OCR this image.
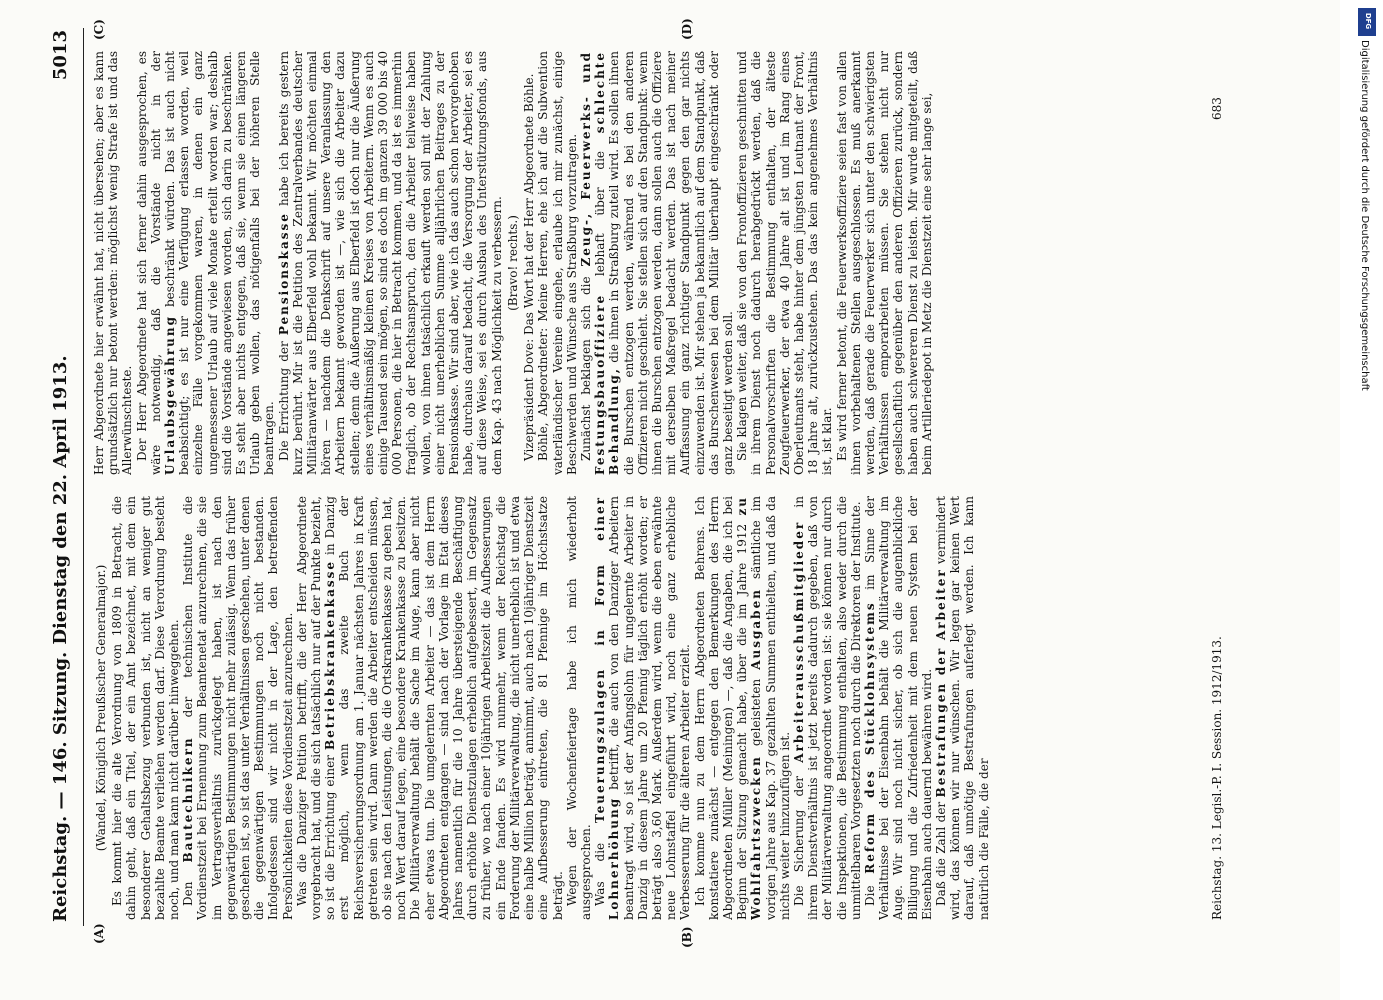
Reichstag. — 146. Sitzung.
Dienstag den 22. April 1913.
5013
(A)	(B)
(C)	(D)

(Wandel, Königlich Preußischer Generalmajor.) Es kommt hier die alte Verordnung von 1809 in Betracht, die dahin geht, daß ein Titel, der ein Amt bezeichnet, mit dem ein besonderer Gehaltsbezug verbunden ist, nicht an weniger gut bezahlte Beamte verliehen werden darf. Diese Verordnung besteht noch, und man kann nicht darüber hinweggehen. Den Bautechnikern der technischen Institute die Vordienstzeit bei Ernennung zum Beamtenetat anzurechnen, die sie im Vertragsverhältnis zurückgelegt haben, ist nach den gegenwärtigen Bestimmungen nicht mehr zulässig. Wenn das früher geschehen ist, so ist das unter Verhältnissen geschehen, unter denen die gegenwärtigen Bestimmungen noch nicht bestanden. Infolgedessen sind wir nicht in der Lage, den betreffenden Persönlichkeiten diese Vordienstzeit anzurechnen. Was die Danziger Petition betrifft, die der Herr Abgeordnete vorgebracht hat, und die sich tatsächlich nur auf der Punkte bezieht, so ist die Errichtung einer Betriebskrankenkasse in Danzig erst möglich, wenn das zweite Buch der Reichsversicherungsordnung am 1. Januar nächsten Jahres in Kraft getreten sein wird. Dann werden die Arbeiter entscheiden müssen, ob sie nach den Leistungen, die die Ortskrankenkasse zu geben hat, noch Wert darauf legen, eine besondere Krankenkasse zu besitzen. Die Militärverwaltung behält die Sache im Auge, kann aber nicht eher etwas tun. Die umgelernten Arbeiter — das ist dem Herrn Abgeordneten entgangen — sind nach der Vorlage im Etat dieses Jahres namentlich für die 10 Jahre übersteigende Beschäftigung durch erhöhte Dienstzulagen erheblich aufgebessert, im Gegensatz zu früher, wo nach einer 10jährigen Arbeitszeit die Aufbesserungen ein Ende fanden. Es wird nunmehr, wenn der Reichstag die Forderung der Militärverwaltung, die nicht unerheblich ist und etwa eine halbe Million beträgt, annimmt, auch nach 10jähriger Dienstzeit eine Aufbesserung eintreten, die 81 Pfennige im Höchstsatze beträgt. Wegen der Wochenfeiertage habe ich mich wiederholt ausgesprochen. Was die Teuerungszulagen in Form einer Lohnerhöhung betrifft, die auch von den Danziger Arbeitern beantragt wird, so ist der Anfangslohn für ungelernte Arbeiter in Danzig in diesem Jahre um 20 Pfennig täglich erhöht worden; er beträgt also 3,60 Mark. Außerdem wird, wenn die eben erwähnte neue Lohnstaffel eingeführt wird, noch eine ganz erhebliche Verbesserung für die älteren Arbeiter erzielt. Ich komme nun zu dem Herrn Abgeordneten Behrens. Ich konstatiere zunächst — entgegen den Bemerkungen des Herrn Abgeordneten Müller (Meiningen) —, daß die Angaben, die ich bei Beginn der Sitzung gemacht habe, über die im Jahre 1912 zu Wohlfahrtszwecken geleisteten Ausgaben sämtliche im vorigen Jahre aus Kap. 37 gezahlten Summen enthielten, und daß da nichts weiter hinzuzufügen ist. Die Sicherung der Arbeiterausschußmitglieder in ihrem Dienstverhältnis ist jetzt bereits dadurch gegeben, daß von der Militärverwaltung angeordnet worden ist: sie können nur durch die Inspektionen, die Bestimmung enthalten, also weder durch die unmittelbaren Vorgesetzten noch durch die Direktoren der Institute. Die Reform des Stücklohnsystems im Sinne der Verhältnisse bei der Eisenbahn behält die Militärverwaltung im Auge. Wir sind noch nicht sicher, ob sich die augenblickliche Billigung und die Zufriedenheit mit dem neuen System bei der Eisenbahn auch dauernd bewähren wird. Daß die Zahl der Bestrafungen der Arbeiter vermindert wird, das können wir nur wünschen. Wir legen gar keinen Wert darauf, daß unnötige Bestrafungen auferlegt werden. Ich kann natürlich die Fälle, die der

Herr Abgeordnete hier erwähnt hat, nicht übersehen; aber es kann grundsätzlich nur betont werden: möglichst wenig Strafe ist und das Allerwünschteste. Der Herr Abgeordnete hat sich ferner dahin ausgesprochen, es wäre notwendig, daß die Vorstände nicht in der Urlaubsgewährung beschränkt würden. Das ist auch nicht beabsichtigt; es ist nur eine Verfügung erlassen worden, weil einzelne Fälle vorgekommen waren, in denen ein ganz ungemessener Urlaub auf viele Monate erteilt worden war; deshalb sind die Vorstände angewiesen worden, sich darin zu beschränken. Es steht aber nichts entgegen, daß sie, wenn sie einen längeren Urlaub geben wollen, das nötigenfalls bei der höheren Stelle beantragen. Die Errichtung der Pensionskasse habe ich bereits gestern kurz berührt. Mir ist die Petition des Zentralverbandes deutscher Militäranwärter aus Elberfeld wohl bekannt. Wir möchten einmal hören — nachdem die Denkschrift auf unsere Veranlassung den Arbeitern bekannt geworden ist —, wie sich die Arbeiter dazu stellen; denn die Äußerung aus Elberfeld ist doch nur die Äußerung eines verhältnismäßig kleinen Kreises von Arbeitern. Wenn es auch einige Tausend sein mögen, so sind es doch im ganzen 39 000 bis 40 000 Personen, die hier in Betracht kommen, und da ist es immerhin fraglich, ob der Rechtsanspruch, den die Arbeiter teilweise haben wollen, von ihnen tatsächlich erkauft werden soll mit der Zahlung einer nicht unerheblichen Summe alljährlichen Beitrages zu der Pensionskasse. Wir sind aber, wie ich das auch schon hervorgehoben habe, durchaus darauf bedacht, die Versorgung der Arbeiter, sei es auf diese Weise, sei es durch Ausbau des Unterstützungsfonds, aus dem Kap. 43 nach Möglichkeit zu verbessern. (Bravo! rechts.) Vizepräsident Dove: Das Wort hat der Herr Abgeordnete Böhle. Böhle, Abgeordneter: Meine Herren, ehe ich auf die Subvention vaterländischer Vereine eingehe, erlaube ich mir zunächst, einige Beschwerden und Wünsche aus Straßburg vorzutragen. Zunächst beklagen sich die Zeug-, Feuerwerks- und Festungsbauoffiziere lebhaft über die schlechte Behandlung, die ihnen in Straßburg zuteil wird. Es sollen ihnen die Burschen entzogen werden, während es bei den anderen Offizieren nicht geschieht. Sie stellen sich auf den Standpunkt: wenn ihnen die Burschen entzogen werden, dann sollen auch die Offiziere mit derselben Maßregel bedacht werden. Das ist nach meiner Auffassung ein ganz richtiger Standpunkt gegen den gar nichts einzuwenden ist. Mir stehen ja bekanntlich auf dem Standpunkt, daß das Burschenwesen bei dem Militär überhaupt eingeschränkt oder ganz beseitigt werden soll. Sie klagen weiter, daß sie von den Frontoffizieren geschnitten und in ihrem Dienst noch dadurch herabgedrückt werden, daß die Personalvorschriften die Bestimmung enthalten, der älteste Zeugfeuerwerker, der etwa 40 Jahre alt ist und im Rang eines Oberleutnants steht, habe hinter dem jüngsten Leutnant der Front, 18 Jahre alt, zurückzustehen. Das das kein angenehmes Verhältnis ist, ist klar. Es wird ferner betont, die Feuerwerksoffiziere seien fast von allen ihnen vorbehaltenen Stellen ausgeschlossen. Es muß anerkannt werden, daß gerade die Feuerwerker sich unter den schwierigsten Verhältnissen emporarbeiten müssen. Sie stehen nicht nur gesellschaftlich gegenüber den anderen Offizieren zurück, sondern haben auch schwereren Dienst zu leisten. Mir wurde mitgeteilt, daß beim Artilleriedepot in Metz die Dienstzeit eine sehr lange sei,

Reichstag. 13. Legisl.-P. I. Session. 1912/1913.
683
DFG
Digitalisierung gefördert durch die Deutsche Forschungsgemeinschaft
